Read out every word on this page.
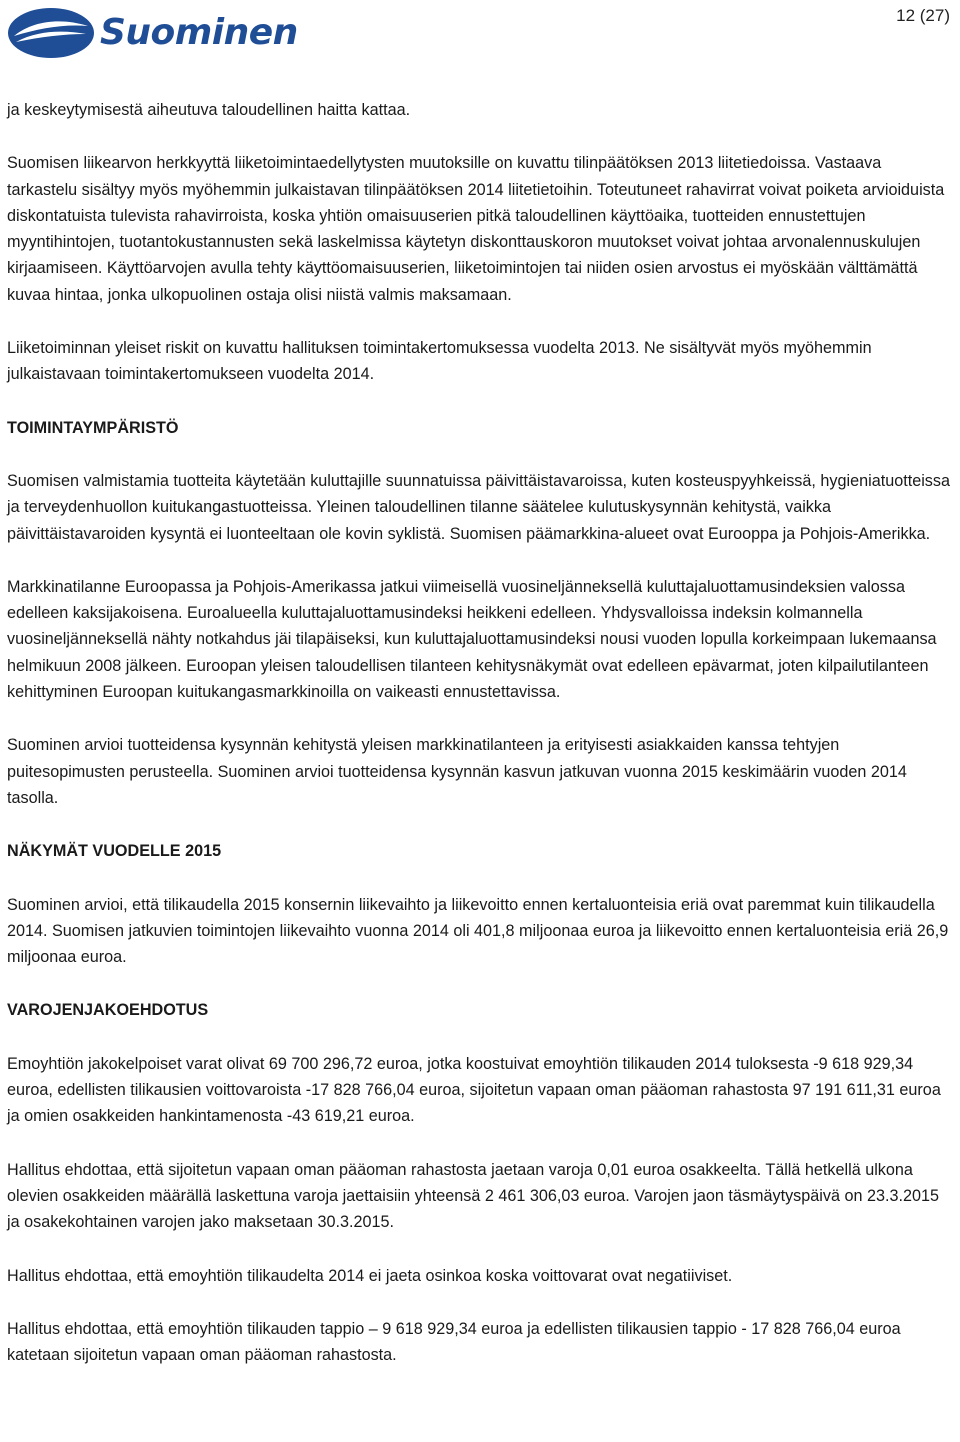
Suominen	12 (27)

ja keskeytymisestä aiheutuva taloudellinen haitta kattaa.

Suomisen liikearvon herkkyyttä liiketoimintaedellytysten muutoksille on kuvattu tilinpäätöksen 2013 liitetiedoissa. Vastaava tarkastelu sisältyy myös myöhemmin julkaistavan tilinpäätöksen 2014 liitetietoihin. Toteutuneet rahavirrat voivat poiketa arvioiduista diskontatuista tulevista rahavirroista, koska yhtiön omaisuuserien pitkä taloudellinen käyttöaika, tuotteiden ennustettujen myyntihintojen, tuotantokustannusten sekä laskelmissa käytetyn diskonttauskoron muutokset voivat johtaa arvonalennuskulujen kirjaamiseen. Käyttöarvojen avulla tehty käyttöomaisuuserien, liiketoimintojen tai niiden osien arvostus ei myöskään välttämättä kuvaa hintaa, jonka ulkopuolinen ostaja olisi niistä valmis maksamaan.

Liiketoiminnan yleiset riskit on kuvattu hallituksen toimintakertomuksessa vuodelta 2013. Ne sisältyvät myös myöhemmin julkaistavaan toimintakertomukseen vuodelta 2014.

TOIMINTAYMPÄRISTÖ

Suomisen valmistamia tuotteita käytetään kuluttajille suunnatuissa päivittäistavaroissa, kuten kosteuspyyhkeissä, hygieniatuotteissa ja terveydenhuollon kuitukangastuotteissa. Yleinen taloudellinen tilanne säätelee kulutuskysynnän kehitystä, vaikka päivittäistavaroiden kysyntä ei luonteeltaan ole kovin syklistä. Suomisen päämarkkina-alueet ovat Eurooppa ja Pohjois-Amerikka.

Markkinatilanne Euroopassa ja Pohjois-Amerikassa jatkui viimeisellä vuosineljänneksellä kuluttajaluottamusindeksien valossa edelleen kaksijakoisena. Euroalueella kuluttajaluottamusindeksi heikkeni edelleen. Yhdysvalloissa indeksin kolmannella vuosineljänneksellä nähty notkahdus jäi tilapäiseksi, kun kuluttajaluottamusindeksi nousi vuoden lopulla korkeimpaan lukemaansa helmikuun 2008 jälkeen. Euroopan yleisen taloudellisen tilanteen kehitysnäkymät ovat edelleen epävarmat, joten kilpailutilanteen kehittyminen Euroopan kuitukangasmarkkinoilla on vaikeasti ennustettavissa.

Suominen arvioi tuotteidensa kysynnän kehitystä yleisen markkinatilanteen ja erityisesti asiakkaiden kanssa tehtyjen puitesopimusten perusteella. Suominen arvioi tuotteidensa kysynnän kasvun jatkuvan vuonna 2015 keskimäärin vuoden 2014 tasolla.

NÄKYMÄT VUODELLE 2015

Suominen arvioi, että tilikaudella 2015 konsernin liikevaihto ja liikevoitto ennen kertaluonteisia eriä ovat paremmat kuin tilikaudella 2014. Suomisen jatkuvien toimintojen liikevaihto vuonna 2014 oli 401,8 miljoonaa euroa ja liikevoitto ennen kertaluonteisia eriä 26,9 miljoonaa euroa.

VAROJENJAKOEHDOTUS

Emoyhtiön jakokelpoiset varat olivat 69 700 296,72 euroa, jotka koostuivat emoyhtiön tilikauden 2014 tuloksesta -9 618 929,34 euroa, edellisten tilikausien voittovaroista -17 828 766,04 euroa, sijoitetun vapaan oman pääoman rahastosta 97 191 611,31 euroa ja omien osakkeiden hankintamenosta -43 619,21 euroa.

Hallitus ehdottaa, että sijoitetun vapaan oman pääoman rahastosta jaetaan varoja 0,01 euroa osakkeelta. Tällä hetkellä ulkona olevien osakkeiden määrällä laskettuna varoja jaettaisiin yhteensä 2 461 306,03 euroa. Varojen jaon täsmäytyspäivä on 23.3.2015 ja osakekohtainen varojen jako maksetaan 30.3.2015.

Hallitus ehdottaa, että emoyhtiön tilikaudelta 2014 ei jaeta osinkoa koska voittovarat ovat negatiiviset.

Hallitus ehdottaa, että emoyhtiön tilikauden tappio – 9 618 929,34 euroa ja edellisten tilikausien tappio - 17 828 766,04 euroa katetaan sijoitetun vapaan oman pääoman rahastosta.
